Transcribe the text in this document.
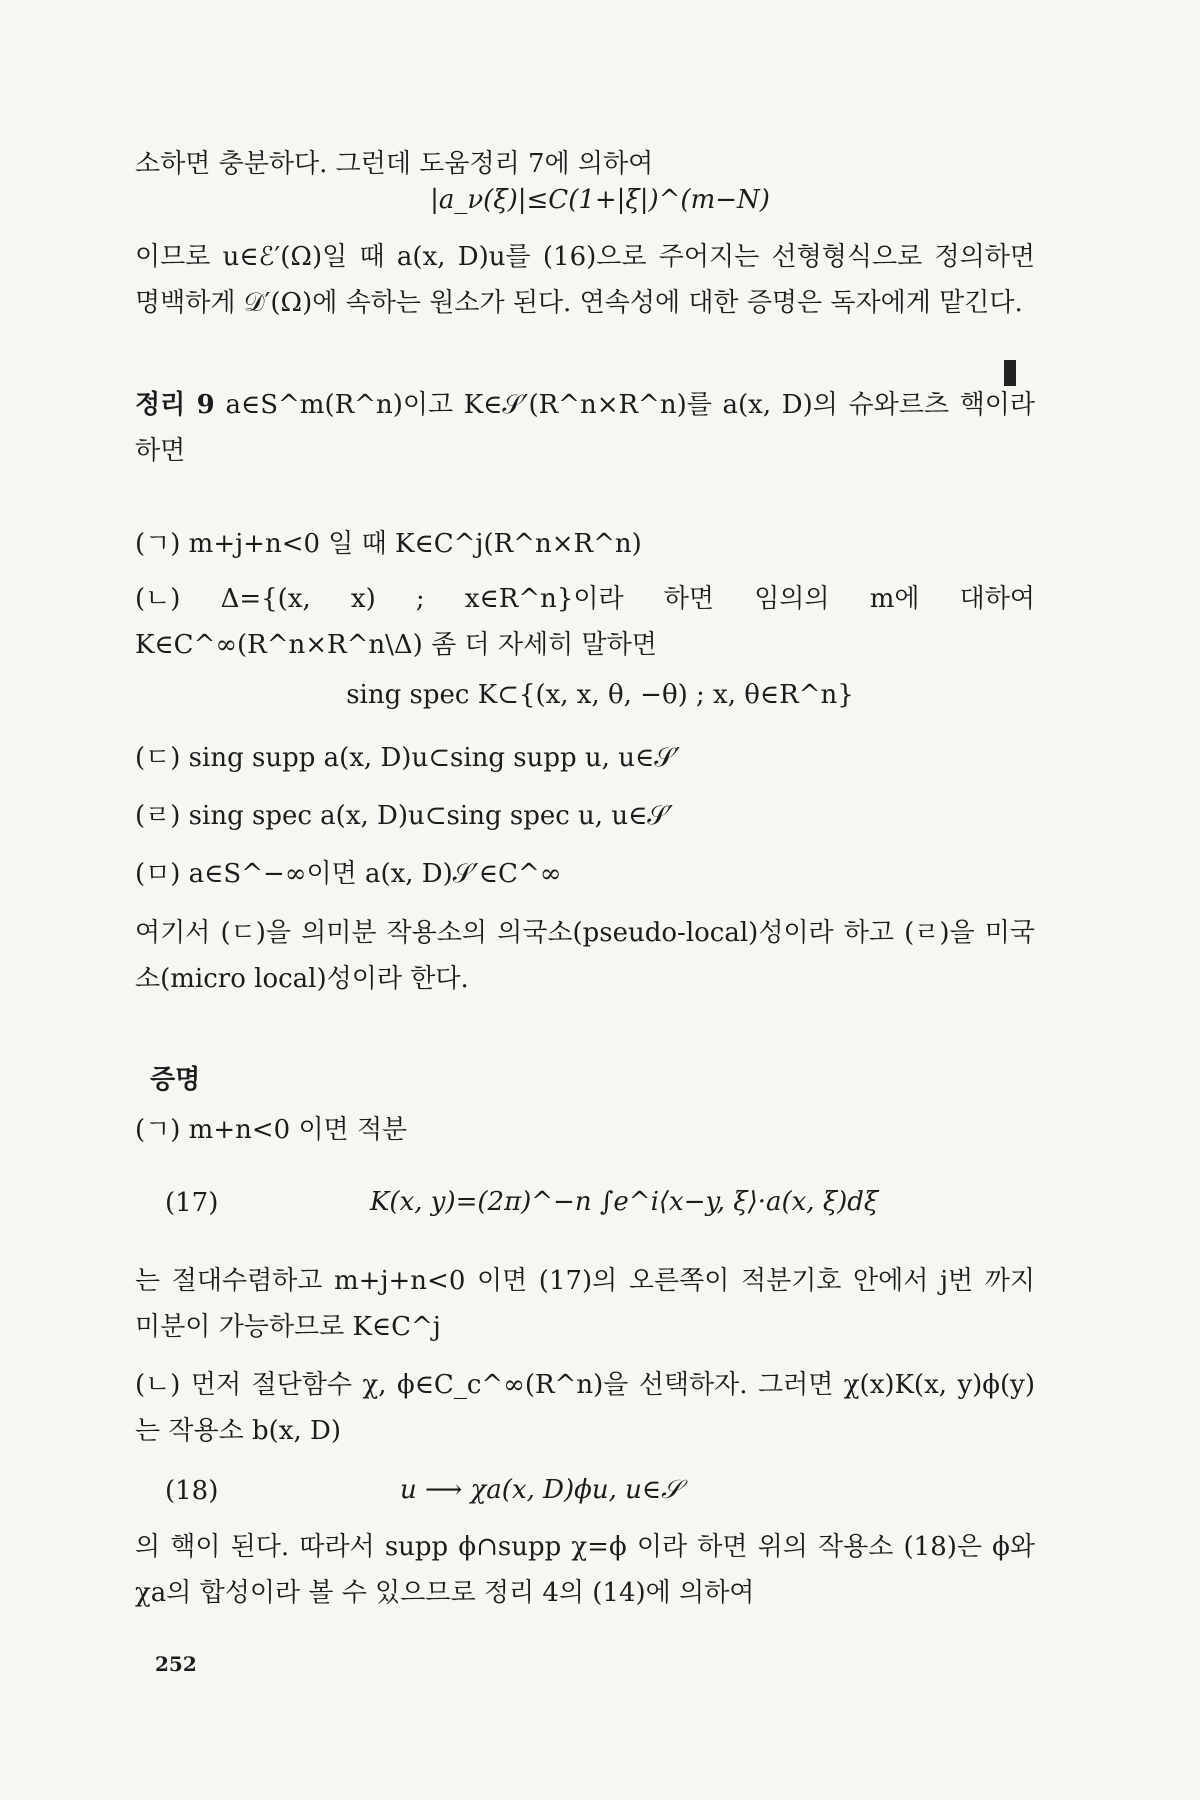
소하면 충분하다. 그런데 도움정리 7에 의하여
|a_ν(ξ)|≤C(1+|ξ|)^(m−N)
이므로 u∈ℰ′(Ω)일 때 a(x, D)u를 (16)으로 주어지는 선형형식으로 정의하면 명백하게 𝒟′(Ω)에 속하는 원소가 된다. 연속성에 대한 증명은 독자에게 맡긴다.
정리 9 a∈S^m(R^n)이고 K∈𝒮′(R^n×R^n)를 a(x, D)의 슈와르츠 핵이라 하면
(ㄱ) m+j+n<0 일 때 K∈C^j(R^n×R^n)
(ㄴ) Δ={(x, x) ; x∈R^n}이라 하면 임의의 m에 대하여 K∈C^∞(R^n×R^n\Δ) 좀 더 자세히 말하면
sing spec K⊂{(x, x, θ, −θ) ; x, θ∈R^n}
(ㄷ) sing supp a(x, D)u⊂sing supp u, u∈𝒮′
(ㄹ) sing spec a(x, D)u⊂sing spec u, u∈𝒮′
(ㅁ) a∈S^−∞이면 a(x, D)𝒮′∈C^∞
여기서 (ㄷ)을 의미분 작용소의 의국소(pseudo-local)성이라 하고 (ㄹ)을 미국소(micro local)성이라 한다.
증명
(ㄱ) m+n<0 이면 적분
(17)	K(x, y)=(2π)^−n ∫e^i⟨x−y, ξ⟩·a(x, ξ)dξ
는 절대수렴하고 m+j+n<0 이면 (17)의 오른쪽이 적분기호 안에서 j번 까지 미분이 가능하므로 K∈C^j
(ㄴ) 먼저 절단함수 χ, ϕ∈C_c^∞(R^n)을 선택하자. 그러면 χ(x)K(x, y)ϕ(y)는 작용소 b(x, D)
(18)	u ⟶ χa(x, D)ϕu, u∈𝒮
의 핵이 된다. 따라서 supp ϕ∩supp χ=ϕ 이라 하면 위의 작용소 (18)은 ϕ와 χa의 합성이라 볼 수 있으므로 정리 4의 (14)에 의하여
252
